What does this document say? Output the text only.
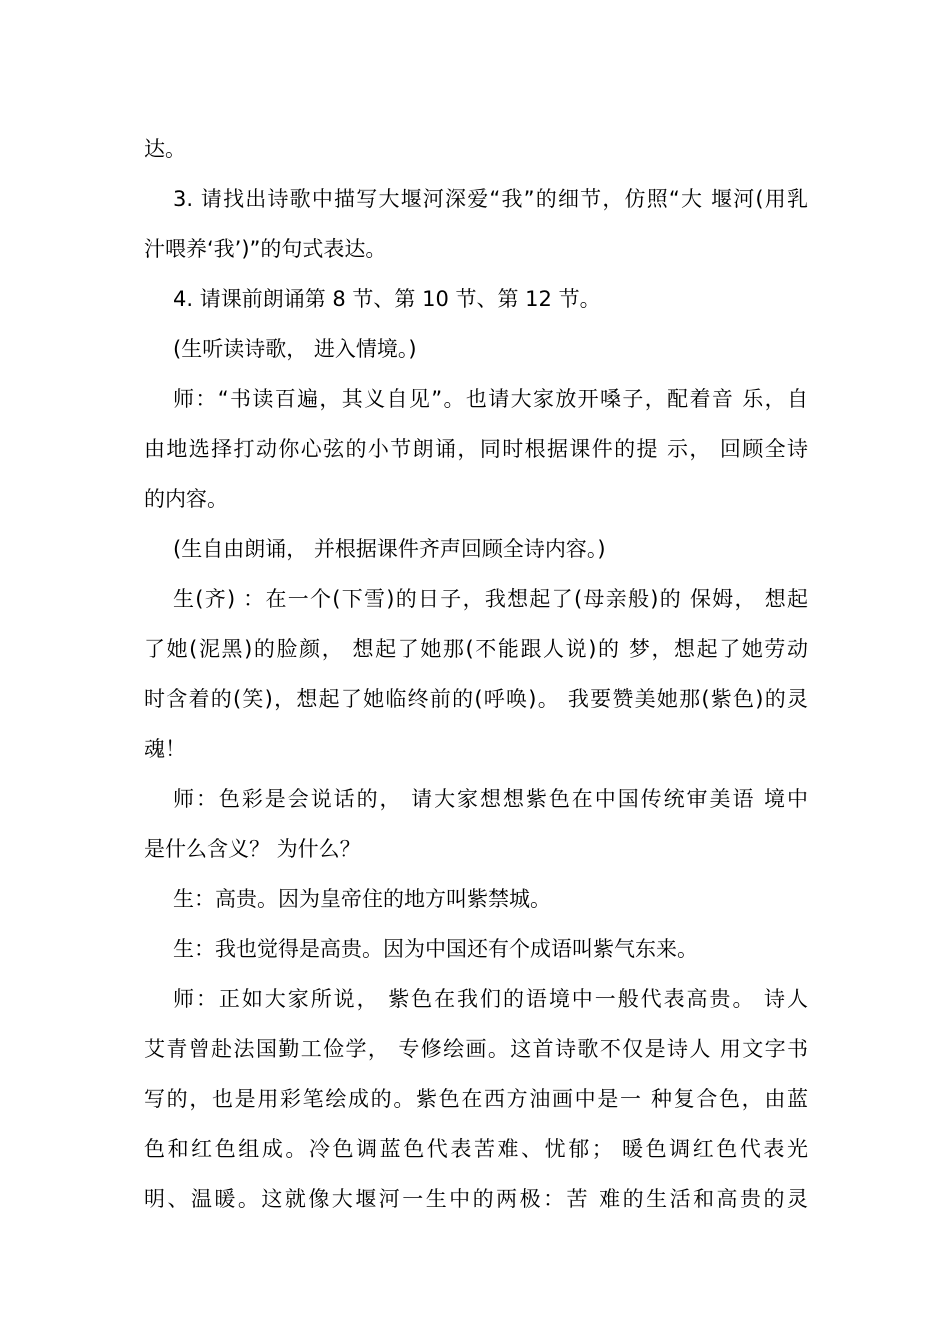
达。
3. 请找出诗歌中描写大堰河深爱“我”的细节，仿照“大 堰河(用乳
汁喂养‘我’)”的句式表达。
4. 请课前朗诵第 8 节、第 10 节、第 12 节。
(生听读诗歌， 进入情境。)
师：“书读百遍，其义自见”。也请大家放开嗓子，配着音 乐，自
由地选择打动你心弦的小节朗诵，同时根据课件的提 示， 回顾全诗
的内容。
(生自由朗诵， 并根据课件齐声回顾全诗内容。)
生(齐) ：在一个(下雪)的日子，我想起了(母亲般)的 保姆， 想起
了她(泥黑)的脸颜， 想起了她那(不能跟人说)的 梦，想起了她劳动
时含着的(笑)，想起了她临终前的(呼唤)。 我要赞美她那(紫色)的灵
魂！
师：色彩是会说话的， 请大家想想紫色在中国传统审美语 境中
是什么含义？ 为什么？
生：高贵。因为皇帝住的地方叫紫禁城。
生：我也觉得是高贵。因为中国还有个成语叫紫气东来。
师：正如大家所说， 紫色在我们的语境中一般代表高贵。 诗人
艾青曾赴法国勤工俭学， 专修绘画。这首诗歌不仅是诗人 用文字书
写的，也是用彩笔绘成的。紫色在西方油画中是一 种复合色，由蓝
色和红色组成。冷色调蓝色代表苦难、忧郁； 暖色调红色代表光
明、温暖。这就像大堰河一生中的两极：苦 难的生活和高贵的灵
